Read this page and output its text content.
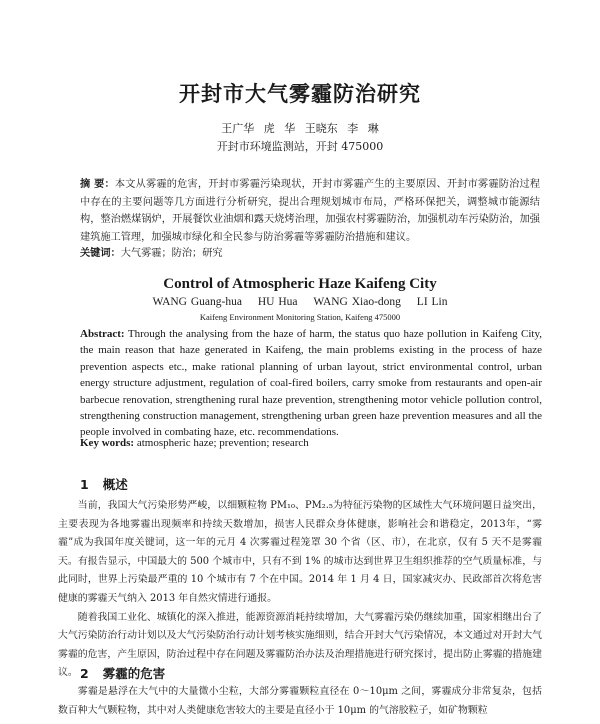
开封市大气雾霾防治研究
王广华 虎 华 王晓东 李 琳
开封市环境监测站，开封 475000
摘 要：本文从雾霾的危害，开封市雾霾污染现状，开封市雾霾产生的主要原因、开封市雾霾防治过程中存在的主要问题等几方面进行分析研究，提出合理规划城市布局，严格环保把关，调整城市能源结构，整治燃煤锅炉，开展餐饮业油烟和露天烧烤治理，加强农村雾霾防治，加强机动车污染防治，加强建筑施工管理，加强城市绿化和全民参与防治雾霾等雾霾防治措施和建议。
关键词：大气雾霾；防治；研究
Control of Atmospheric Haze Kaifeng City
WANG Guang-hua HU Hua WANG Xiao-dong LI Lin
Kaifeng Environment Monitoring Station, Kaifeng 475000
Abstract: Through the analysing from the haze of harm, the status quo haze pollution in Kaifeng City, the main reason that haze generated in Kaifeng, the main problems existing in the process of haze prevention aspects etc., make rational planning of urban layout, strict environmental control, urban energy structure adjustment, regulation of coal-fired boilers, carry smoke from restaurants and open-air barbecue renovation, strengthening rural haze prevention, strengthening motor vehicle pollution control, strengthening construction management, strengthening urban green haze prevention measures and all the people involved in combating haze, etc. recommendations.
Key words: atmospheric haze; prevention; research
1 概述

当前，我国大气污染形势严峻，以细颗粒物 PM₁₀、PM₂.₅为特征污染物的区域性大气环境问题日益突出，主要表现为各地雾霾出现频率和持续天数增加，损害人民群众身体健康，影响社会和谐稳定，2013年，“雾霾”成为我国年度关键词，这一年的元月 4 次雾霾过程笼罩 30 个省（区、市），在北京，仅有 5 天不是雾霾天。有报告显示，中国最大的 500 个城市中，只有不到 1% 的城市达到世界卫生组织推荐的空气质量标准，与此同时，世界上污染最严重的 10 个城市有 7 个在中国。2014 年 1 月 4 日，国家减灾办、民政部首次将危害健康的雾霾天气纳入 2013 年自然灾情进行通报。

随着我国工业化、城镇化的深入推进，能源资源消耗持续增加，大气雾霾污染仍继续加重，国家相继出台了大气污染防治行动计划以及大气污染防治行动计划考核实施细则，结合开封大气污染情况，本文通过对开封大气雾霾的危害，产生原因，防治过程中存在问题及雾霾防治办法及治理措施进行研究探讨，提出防止雾霾的措施建议。 2 雾霾的危害

雾霾是悬浮在大气中的大量微小尘粒，大部分雾霾颗粒直径在 0～10μm 之间，雾霾成分非常复杂，包括数百种大气颗粒物，其中对人类健康危害较大的主要是直径小于 10μm 的气溶胶粒子，如矿物颗粒
